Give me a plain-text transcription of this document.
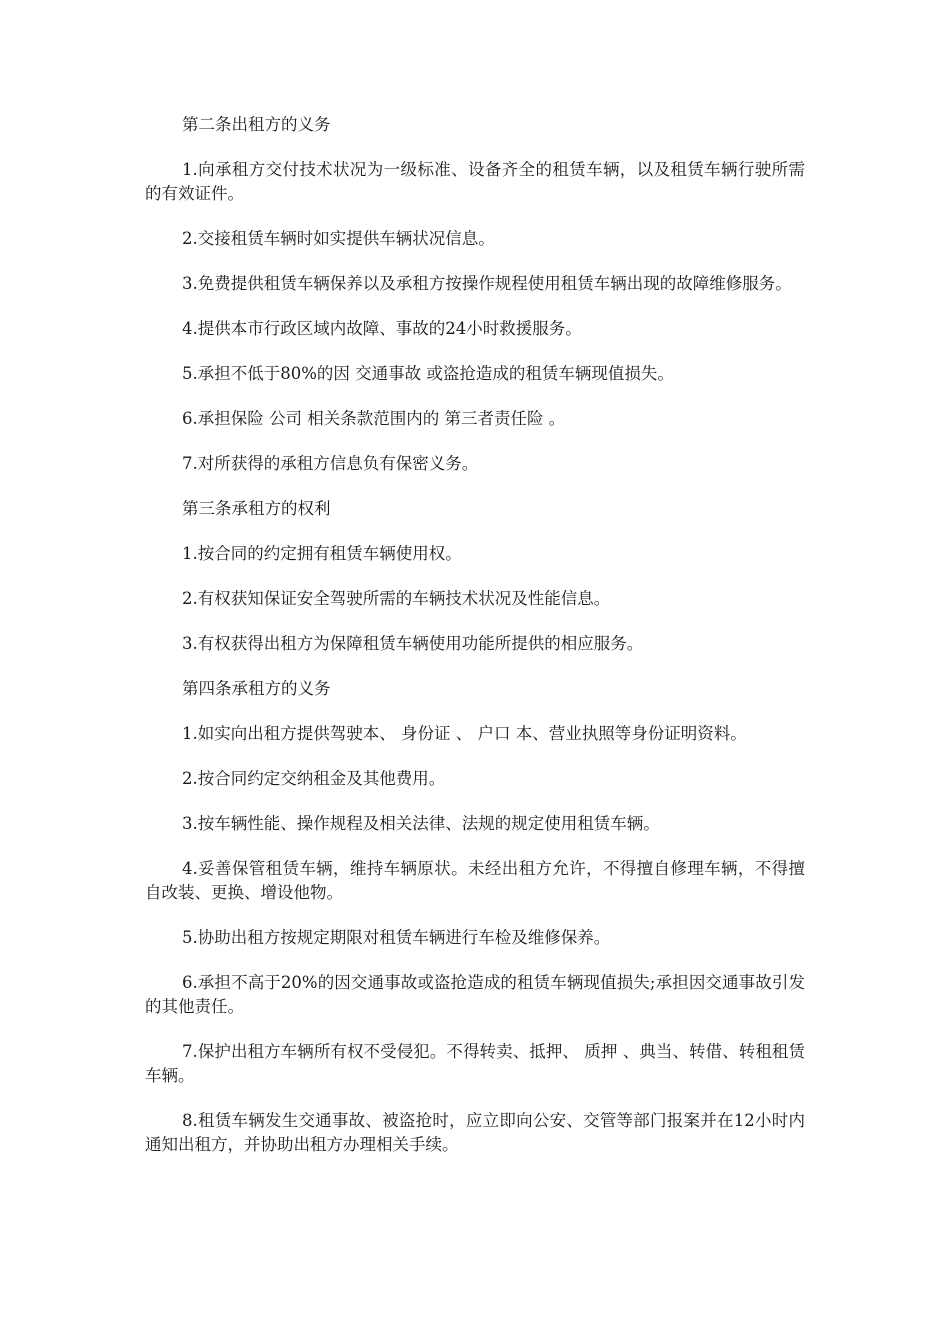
第二条出租方的义务

1.向承租方交付技术状况为一级标准、设备齐全的租赁车辆，以及租赁车辆行驶所需的有效证件。

2.交接租赁车辆时如实提供车辆状况信息。

3.免费提供租赁车辆保养以及承租方按操作规程使用租赁车辆出现的故障维修服务。

4.提供本市行政区域内故障、事故的24小时救援服务。

5.承担不低于80%的因 交通事故 或盗抢造成的租赁车辆现值损失。

6.承担保险 公司 相关条款范围内的 第三者责任险 。

7.对所获得的承租方信息负有保密义务。

第三条承租方的权利

1.按合同的约定拥有租赁车辆使用权。

2.有权获知保证安全驾驶所需的车辆技术状况及性能信息。

3.有权获得出租方为保障租赁车辆使用功能所提供的相应服务。

第四条承租方的义务

1.如实向出租方提供驾驶本、 身份证 、 户口 本、营业执照等身份证明资料。

2.按合同约定交纳租金及其他费用。

3.按车辆性能、操作规程及相关法律、法规的规定使用租赁车辆。

4.妥善保管租赁车辆，维持车辆原状。未经出租方允许，不得擅自修理车辆，不得擅自改装、更换、增设他物。

5.协助出租方按规定期限对租赁车辆进行车检及维修保养。

6.承担不高于20%的因交通事故或盗抢造成的租赁车辆现值损失;承担因交通事故引发的其他责任。

7.保护出租方车辆所有权不受侵犯。不得转卖、抵押、 质押 、典当、转借、转租租赁车辆。

8.租赁车辆发生交通事故、被盗抢时，应立即向公安、交管等部门报案并在12小时内通知出租方，并协助出租方办理相关手续。
